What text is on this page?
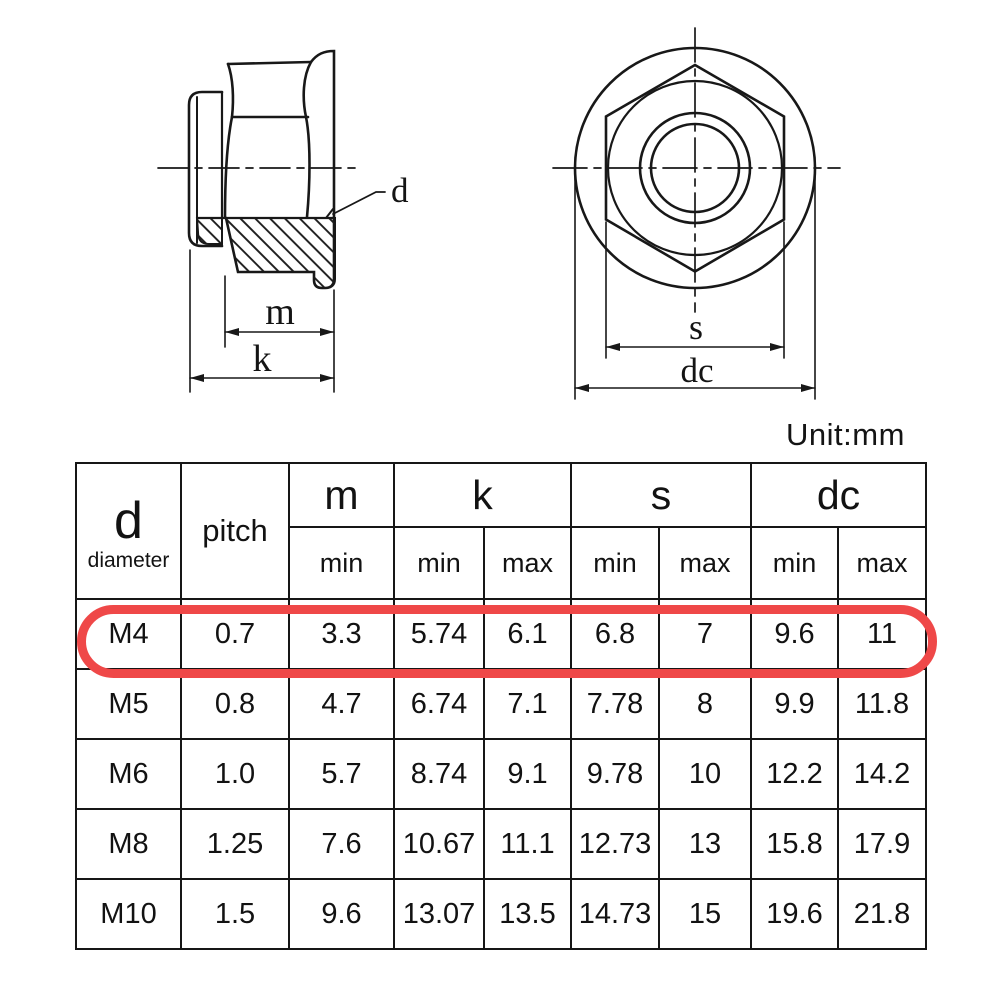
m
k
d
s
dc
Unit:mm
d
diameter	pitch	m	k		s		dc	
		min	min	max	min	max	min	max
M4	0.7	3.3	5.74	6.1	6.8	7	9.6	11
M5	0.8	4.7	6.74	7.1	7.78	8	9.9	11.8
M6	1.0	5.7	8.74	9.1	9.78	10	12.2	14.2
M8	1.25	7.6	10.67	11.1	12.73	13	15.8	17.9
M10	1.5	9.6	13.07	13.5	14.73	15	19.6	21.8
